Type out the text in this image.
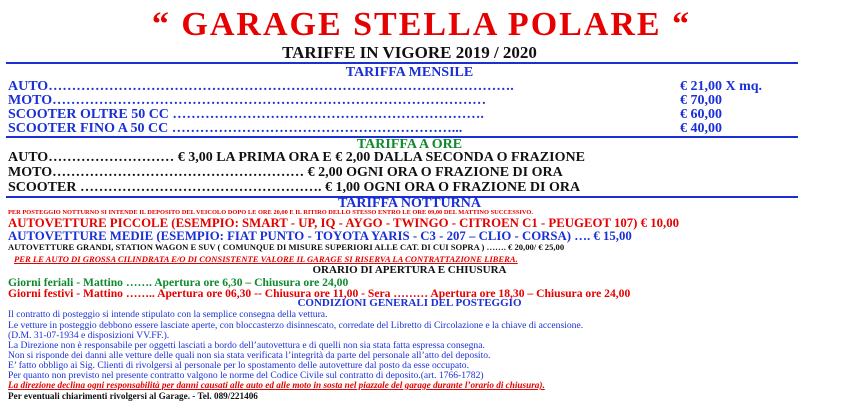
“ GARAGE STELLA POLARE “
TARIFFE IN VIGORE 2019 / 2020
TARIFFA MENSILE
AUTO……………………………………………………………………………………….	€ 21,00 X mq.
MOTO…………………………………………………………………………………	€ 70,00
SCOOTER OLTRE 50 CC ………………………………………………………….	€ 60,00
SCOOTER FINO A 50 CC ……………………………………………………...	€ 40,00
TARIFFA A ORE
AUTO……………………… € 3,00 LA PRIMA ORA E € 2,00 DALLA SECONDA O FRAZIONE
MOTO……………………………………………… € 2,00 OGNI ORA O FRAZIONE DI ORA
SCOOTER ……………………………………………. € 1,00 OGNI ORA O FRAZIONE DI ORA
TARIFFA NOTTURNA
PER POSTEGGIO NOTTURNO SI INTENDE IL DEPOSITO DEL VEICOLO DOPO LE ORE 20,00 E IL RITIRO DELLO STESSO ENTRO LE ORE 09,00 DEL MATTINO SUCCESSIVO.
AUTOVETTURE PICCOLE (ESEMPIO: SMART - UP, IQ - AYGO - TWINGO - CITROEN C1 - PEUGEOT 107) € 10,00
AUTOVETTURE MEDIE (ESEMPIO: FIAT PUNTO - TOYOTA YARIS - C3 - 207 – CLIO - CORSA) …. € 15,00
AUTOVETTURE GRANDI, STATION WAGON E SUV ( COMUNQUE DI MISURE SUPERIORI ALLE CAT. DI CUI SOPRA ) ……. € 20,00/ € 25,00
PER LE AUTO DI GROSSA CILINDRATA E/O DI CONSISTENTE VALORE IL GARAGE SI RISERVA LA CONTRATTAZIONE LIBERA.
ORARIO DI APERTURA E CHIUSURA
Giorni feriali - Mattino ……. Apertura ore 6,30 – Chiusura ore 24,00
Giorni festivi - Mattino …….. Apertura ore 06,30 -- Chiusura ore 11,00 - Sera ……… Apertura ore 18,30 – Chiusura ore 24,00
CONDIZIONI GENERALI DEL POSTEGGIO
Il contratto di posteggio si intende stipulato con la semplice consegna della vettura.
Le vetture in posteggio debbono essere lasciate aperte, con bloccasterzo disinnescato, corredate del Libretto di Circolazione e la chiave di accensione.
(D.M. 31-07-1934 e disposizioni VV.FF.).
La Direzione non è responsabile per oggetti lasciati a bordo dell’autovettura e di quelli non sia stata fatta espressa consegna.
Non si risponde dei danni alle vetture delle quali non sia stata verificata l’integrità da parte del personale all’atto del deposito.
E’ fatto obbligo ai Sig. Clienti di rivolgersi al personale per lo spostamento delle autovetture dal posto da esse occupato.
Per quanto non previsto nel presente contratto valgono le norme del Codice Civile sul contratto di deposito.(art. 1766-1782)
La direzione declina ogni responsabilità per danni causati alle auto ed alle moto in sosta nel piazzale del garage durante l’orario di chiusura).
Per eventuali chiarimenti rivolgersi al Garage. - Tel. 089/221406
